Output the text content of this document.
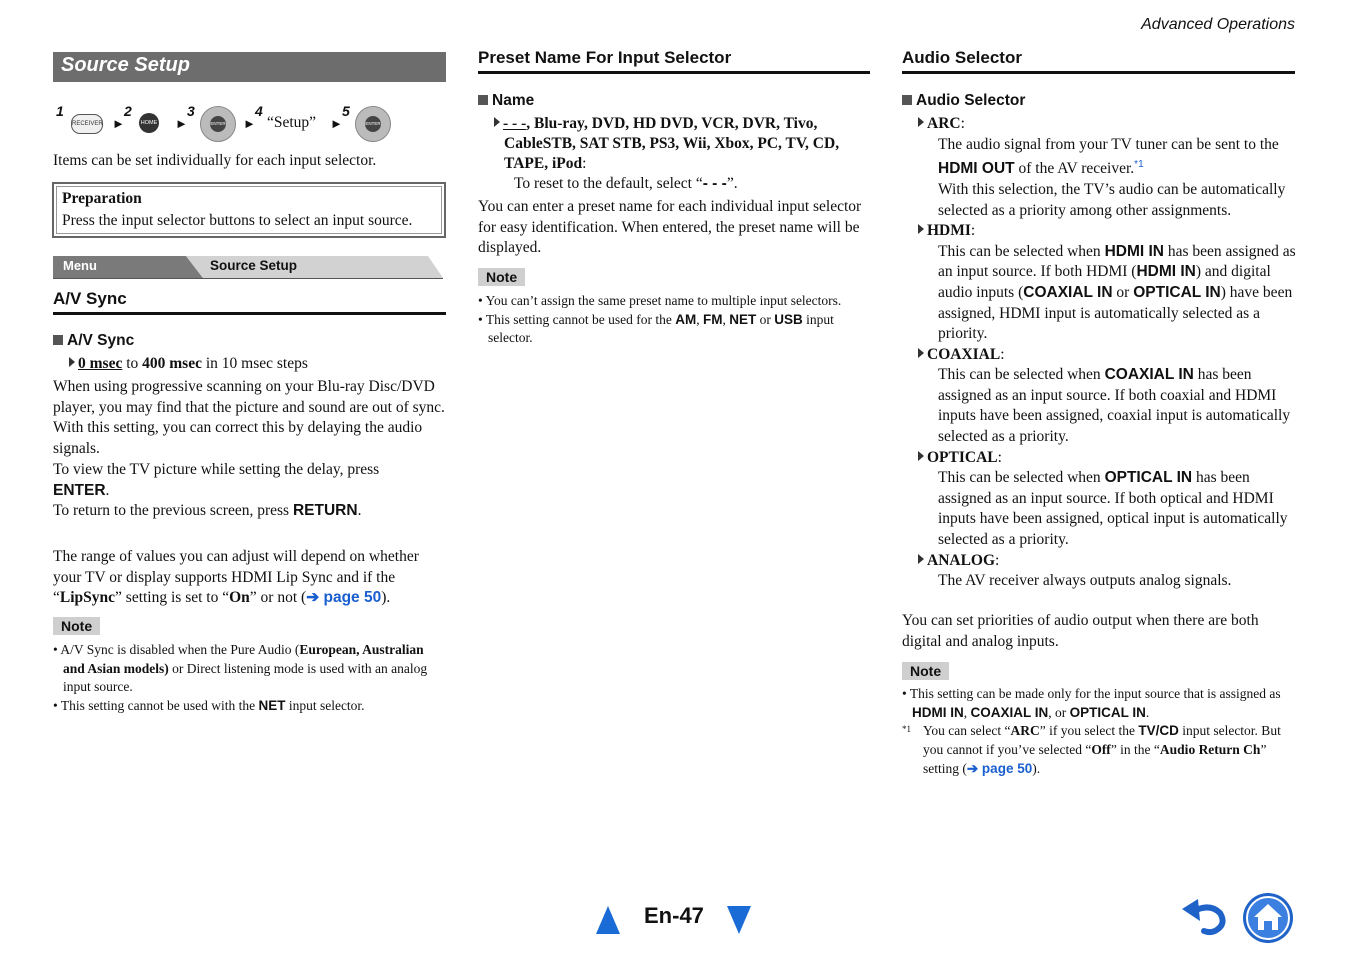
Advanced Operations
Source Setup
1
RECEIVER ►
2
HOME ►
3
ENTER ►
4
“Setup” ►
5
ENTER
Items can be set individually for each input selector.
Preparation
Press the input selector buttons to select an input source.
Menu	Source Setup
A/V Sync
A/V Sync
0 msec to 400 msec in 10 msec steps
When using progressive scanning on your Blu-ray Disc/DVD player, you may find that the picture and sound are out of sync. With this setting, you can correct this by delaying the audio signals.
To view the TV picture while setting the delay, press
ENTER.
To return to the previous screen, press RETURN.
The range of values you can adjust will depend on whether your TV or display supports HDMI Lip Sync and if the “LipSync” setting is set to “On” or not (➔ page 50).
Note
• A/V Sync is disabled when the Pure Audio (European, Australian and Asian models) or Direct listening mode is used with an analog input source.
• This setting cannot be used with the NET input selector.
Preset Name For Input Selector
Name
- - -, Blu-ray, DVD, HD DVD, VCR, DVR, Tivo,
CableSTB, SAT STB, PS3, Wii, Xbox, PC, TV, CD,
TAPE, iPod:
To reset to the default, select “- - -”.
You can enter a preset name for each individual input selector for easy identification. When entered, the preset name will be displayed.
Note
• You can’t assign the same preset name to multiple input selectors.
• This setting cannot be used for the AM, FM, NET or USB input selector.
Audio Selector
Audio Selector
ARC:
The audio signal from your TV tuner can be sent to the HDMI OUT of the AV receiver.$^{*1}$
With this selection, the TV’s audio can be automatically selected as a priority among other assignments.
HDMI:
This can be selected when HDMI IN has been assigned as an input source. If both HDMI (HDMI IN) and digital audio inputs (COAXIAL IN or OPTICAL IN) have been assigned, HDMI input is automatically selected as a priority.
COAXIAL:
This can be selected when COAXIAL IN has been assigned as an input source. If both coaxial and HDMI inputs have been assigned, coaxial input is automatically selected as a priority.
OPTICAL:
This can be selected when OPTICAL IN has been assigned as an input source. If both optical and HDMI inputs have been assigned, optical input is automatically selected as a priority.
ANALOG:
The AV receiver always outputs analog signals.
You can set priorities of audio output when there are both digital and analog inputs.
Note
• This setting can be made only for the input source that is assigned as HDMI IN, COAXIAL IN, or OPTICAL IN.
*1 You can select “ARC” if you select the TV/CD input selector. But you cannot if you’ve selected “Off” in the “Audio Return Ch” setting (➔ page 50).
En-47
